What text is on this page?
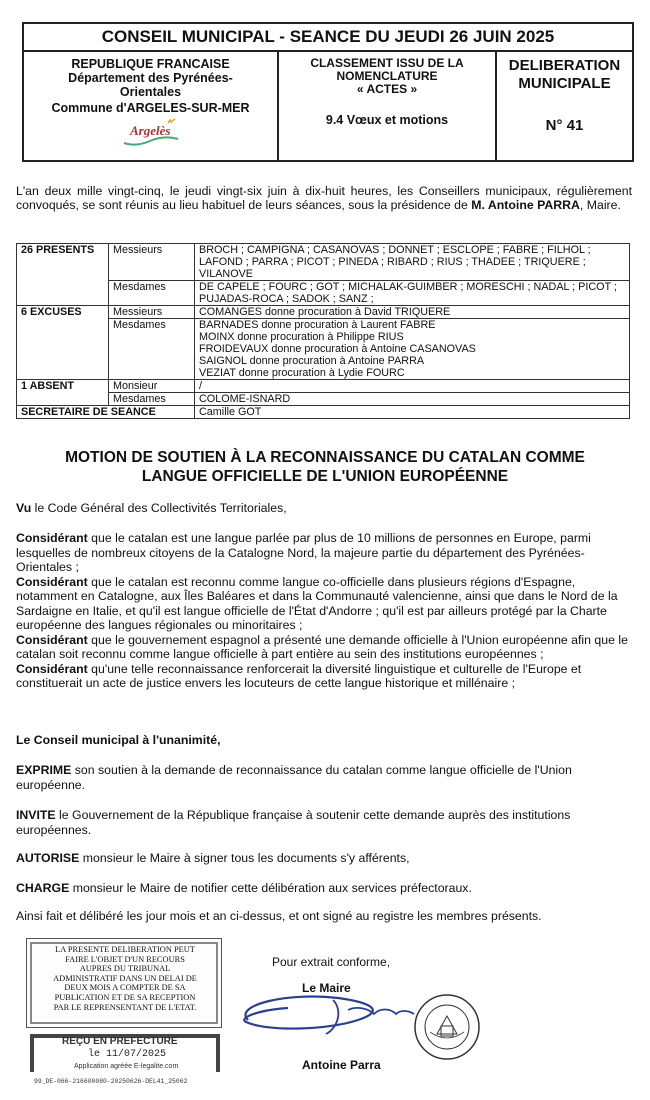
CONSEIL MUNICIPAL - SEANCE DU JEUDI 26 JUIN 2025
REPUBLIQUE FRANCAISE
Département des Pyrénées-
Orientales
Commune d'ARGELES-SUR-MER
Argelès
CLASSEMENT ISSU DE LA
NOMENCLATURE
« ACTES »
9.4 Vœux et motions
DELIBERATION
MUNICIPALE
N° 41
L'an deux mille vingt-cinq, le jeudi vingt-six juin à dix-huit heures, les Conseillers municipaux, régulièrement convoqués, se sont réunis au lieu habituel de leurs séances, sous la présidence de M. Antoine PARRA, Maire.
26 PRESENTS	Messieurs	BROCH ; CAMPIGNA ; CASANOVAS ; DONNET ; ESCLOPE ; FABRE ; FILHOL ;
LAFOND ; PARRA ; PICOT ; PINEDA ; RIBARD ; RIUS ; THADEE ; TRIQUERE ;
VILANOVE

	Mesdames	DE CAPELE ; FOURC ; GOT ; MICHALAK-GUIMBER ; MORESCHI ; NADAL ; PICOT ;
PUJADAS-ROCA ; SADOK ; SANZ ;

6 EXCUSES	Messieurs	COMANGES donne procuration à David TRIQUERE
	Mesdames	BARNADES donne procuration à Laurent FABRE
MOINX donne procuration à Philippe RIUS
FROIDEVAUX donne procuration à Antoine CASANOVAS
SAIGNOL donne procuration à Antoine PARRA
VEZIAT donne procuration à Lydie FOURC

1 ABSENT	Monsieur	/
	Mesdames	COLOME-ISNARD
SECRETAIRE DE SEANCE		Camille GOT
MOTION DE SOUTIEN À LA RECONNAISSANCE DU CATALAN COMME
LANGUE OFFICIELLE DE L'UNION EUROPÉENNE
Vu le Code Général des Collectivités Territoriales,
Considérant que le catalan est une langue parlée par plus de 10 millions de personnes en Europe, parmi lesquelles de nombreux citoyens de la Catalogne Nord, la majeure partie du département des Pyrénées-Orientales ;
Considérant que le catalan est reconnu comme langue co-officielle dans plusieurs régions d'Espagne, notamment en Catalogne, aux Îles Baléares et dans la Communauté valencienne, ainsi que dans le Nord de la Sardaigne en Italie, et qu'il est langue officielle de l'État d'Andorre ; qu'il est par ailleurs protégé par la Charte européenne des langues régionales ou minoritaires ;
Considérant que le gouvernement espagnol a présenté une demande officielle à l'Union européenne afin que le catalan soit reconnu comme langue officielle à part entière au sein des institutions européennes ;
Considérant qu'une telle reconnaissance renforcerait la diversité linguistique et culturelle de l'Europe et constituerait un acte de justice envers les locuteurs de cette langue historique et millénaire ;
Le Conseil municipal à l'unanimité,
EXPRIME son soutien à la demande de reconnaissance du catalan comme langue officielle de l'Union européenne.
INVITE le Gouvernement de la République française à soutenir cette demande auprès des institutions européennes.
AUTORISE monsieur le Maire à signer tous les documents s'y afférents,
CHARGE monsieur le Maire de notifier cette délibération aux services préfectoraux.
Ainsi fait et délibéré les jour mois et an ci-dessus, et ont signé au registre les membres présents.
LA PRESENTE DELIBERATION PEUT
FAIRE L'OBJET D'UN RECOURS
AUPRES DU TRIBUNAL
ADMINISTRATIF DANS UN DELAI DE
DEUX MOIS A COMPTER DE SA
PUBLICATION ET DE SA RECEPTION
PAR LE REPRENSENTANT DE L'ETAT.
REÇU EN PREFECTURE
le 11/07/2025
Application agréée E-legalite.com
99_DE-066-216600080-20250626-DEL41_25062
Pour extrait conforme,
Le Maire
Antoine Parra
